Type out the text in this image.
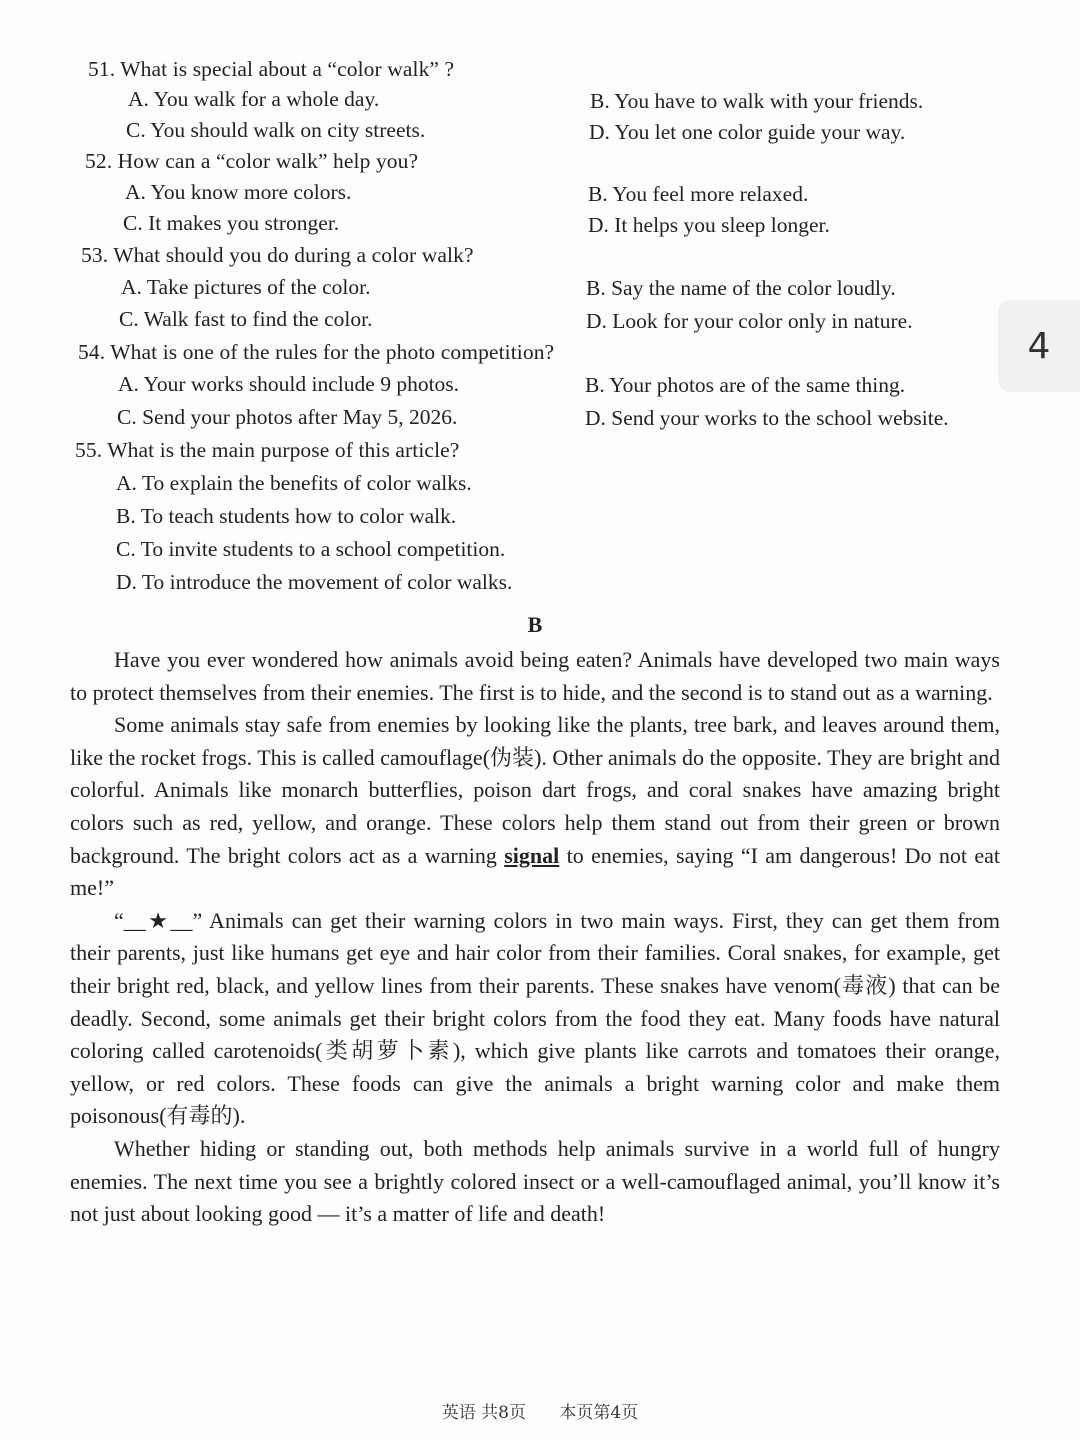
51. What is special about a “color walk” ?
A. You walk for a whole day.	B. You have to walk with your friends.
C. You should walk on city streets.	D. You let one color guide your way.
52. How can a “color walk” help you?
A. You know more colors.	B. You feel more relaxed.
C. It makes you stronger.	D. It helps you sleep longer.
53. What should you do during a color walk?
A. Take pictures of the color.	B. Say the name of the color loudly.
C. Walk fast to find the color.	D. Look for your color only in nature.
54. What is one of the rules for the photo competition?
A. Your works should include 9 photos.	B. Your photos are of the same thing.
C. Send your photos after May 5, 2026.	D. Send your works to the school website.
55. What is the main purpose of this article?
A. To explain the benefits of color walks.
B. To teach students how to color walk.
C. To invite students to a school competition.
D. To introduce the movement of color walks.
B

Have you ever wondered how animals avoid being eaten? Animals have developed two main ways to protect themselves from their enemies. The first is to hide, and the second is to stand out as a warning.

Some animals stay safe from enemies by looking like the plants, tree bark, and leaves around them, like the rocket frogs. This is called camouflage(伪装). Other animals do the opposite. They are bright and colorful. Animals like monarch butterflies, poison dart frogs, and coral snakes have amazing bright colors such as red, yellow, and orange. These colors help them stand out from their green or brown background. The bright colors act as a warning signal to enemies, saying “I am dangerous! Do not eat me!”

“__★__” Animals can get their warning colors in two main ways. First, they can get them from their parents, just like humans get eye and hair color from their families. Coral snakes, for example, get their bright red, black, and yellow lines from their parents. These snakes have venom(毒液) that can be deadly. Second, some animals get their bright colors from the food they eat. Many foods have natural coloring called carotenoids(类胡萝卜素), which give plants like carrots and tomatoes their orange, yellow, or red colors. These foods can give the animals a bright warning color and make them poisonous(有毒的).

Whether hiding or standing out, both methods help animals survive in a world full of hungry enemies. The next time you see a brightly colored insect or a well-camouflaged animal, you’ll know it’s not just about looking good — it’s a matter of life and death!

4
英语 共8页 本页第4页
